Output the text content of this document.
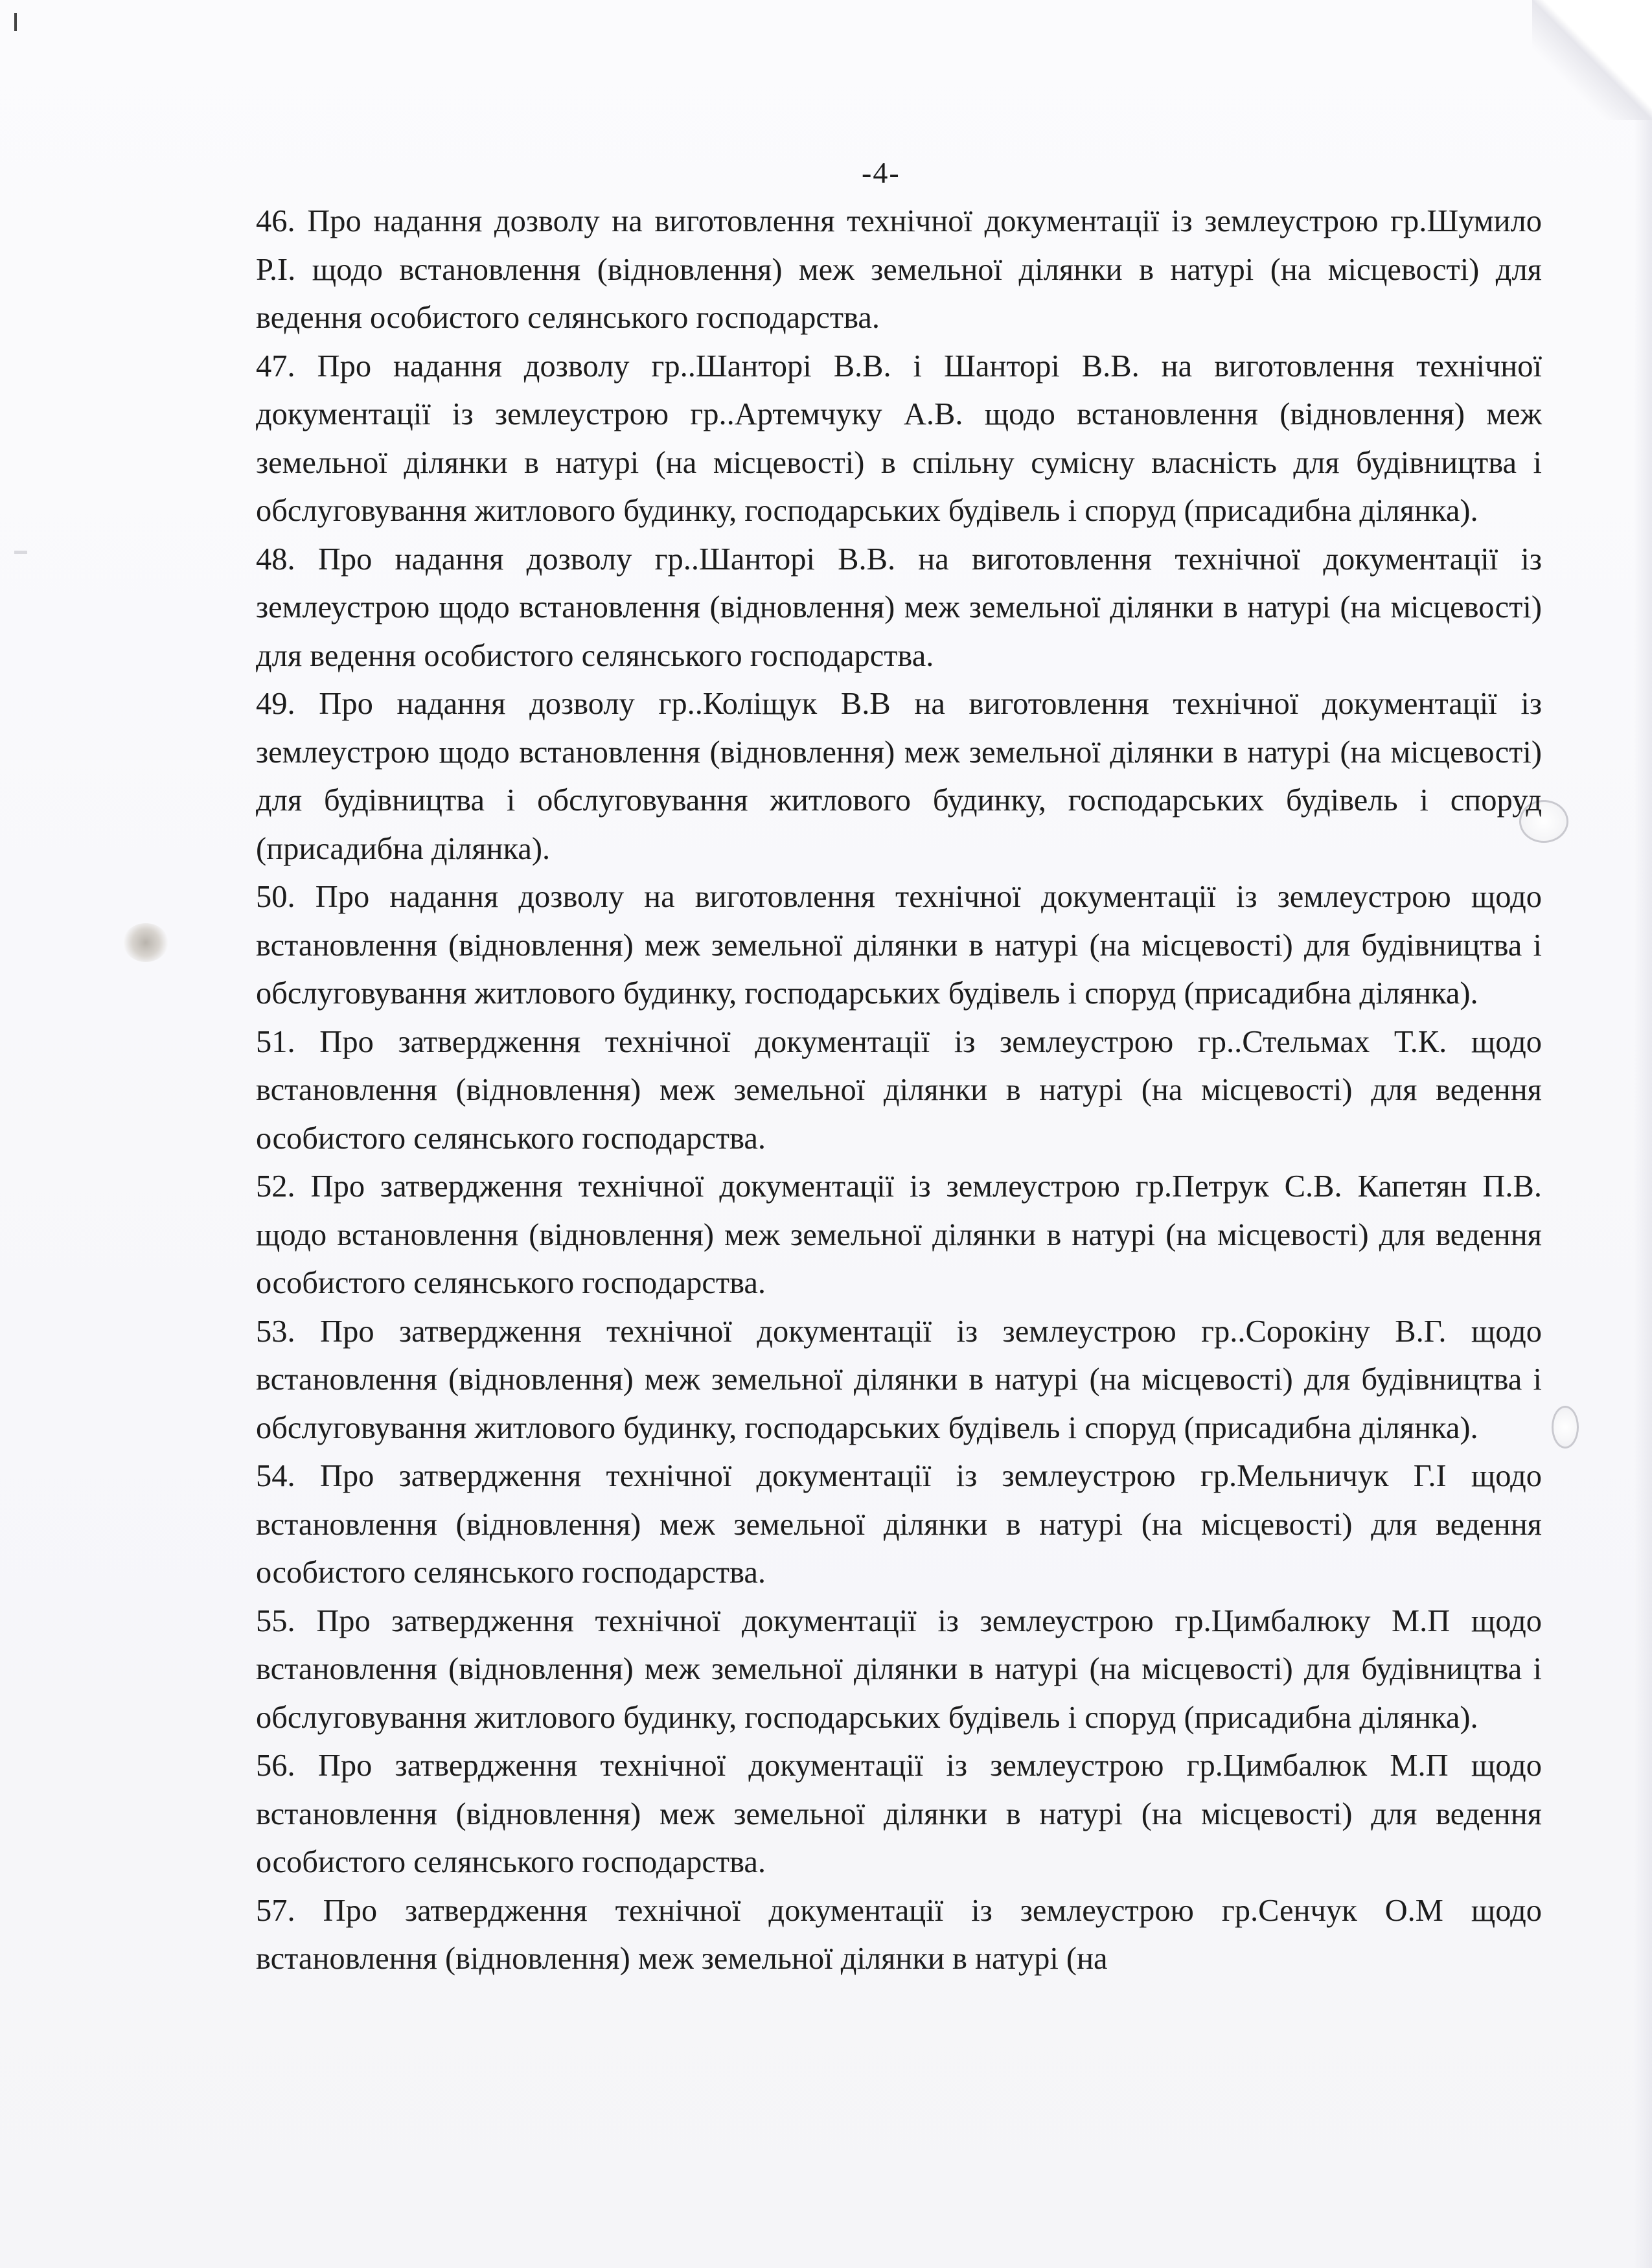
-4-

46. Про надання дозволу на виготовлення технічної документації із землеустрою гр.Шумило Р.І. щодо встановлення (відновлення) меж земельної ділянки в натурі (на місцевості) для ведення особистого селянського господарства.

47. Про надання дозволу гр..Шанторі В.В. і Шанторі В.В. на виготовлення технічної документації із землеустрою гр..Артемчуку А.В. щодо встановлення (відновлення) меж земельної ділянки в натурі (на місцевості) в спільну сумісну власність для будівництва і обслуговування житлового будинку, господарських будівель і споруд (присадибна ділянка).

48. Про надання дозволу гр..Шанторі В.В. на виготовлення технічної документації із землеустрою щодо встановлення (відновлення) меж земельної ділянки в натурі (на місцевості) для ведення особистого селянського господарства.

49. Про надання дозволу гр..Коліщук В.В на виготовлення технічної документації із землеустрою щодо встановлення (відновлення) меж земельної ділянки в натурі (на місцевості) для будівництва і обслуговування житлового будинку, господарських будівель і споруд (присадибна ділянка).

50. Про надання дозволу на виготовлення технічної документації із землеустрою щодо встановлення (відновлення) меж земельної ділянки в натурі (на місцевості) для будівництва і обслуговування житлового будинку, господарських будівель і споруд (присадибна ділянка).

51. Про затвердження технічної документації із землеустрою гр..Стельмах Т.К. щодо встановлення (відновлення) меж земельної ділянки в натурі (на місцевості) для ведення особистого селянського господарства.

52. Про затвердження технічної документації із землеустрою гр.Петрук С.В. Капетян П.В. щодо встановлення (відновлення) меж земельної ділянки в натурі (на місцевості) для ведення особистого селянського господарства.

53. Про затвердження технічної документації із землеустрою гр..Сорокіну В.Г. щодо встановлення (відновлення) меж земельної ділянки в натурі (на місцевості) для будівництва і обслуговування житлового будинку, господарських будівель і споруд (присадибна ділянка).

54. Про затвердження технічної документації із землеустрою гр.Мельничук Г.І щодо встановлення (відновлення) меж земельної ділянки в натурі (на місцевості) для ведення особистого селянського господарства.

55. Про затвердження технічної документації із землеустрою гр.Цимбалюку М.П щодо встановлення (відновлення) меж земельної ділянки в натурі (на місцевості) для будівництва і обслуговування житлового будинку, господарських будівель і споруд (присадибна ділянка).

56. Про затвердження технічної документації із землеустрою гр.Цимбалюк М.П щодо встановлення (відновлення) меж земельної ділянки в натурі (на місцевості) для ведення особистого селянського господарства.

57. Про затвердження технічної документації із землеустрою гр.Сенчук О.М щодо встановлення (відновлення) меж земельної ділянки в натурі (на
